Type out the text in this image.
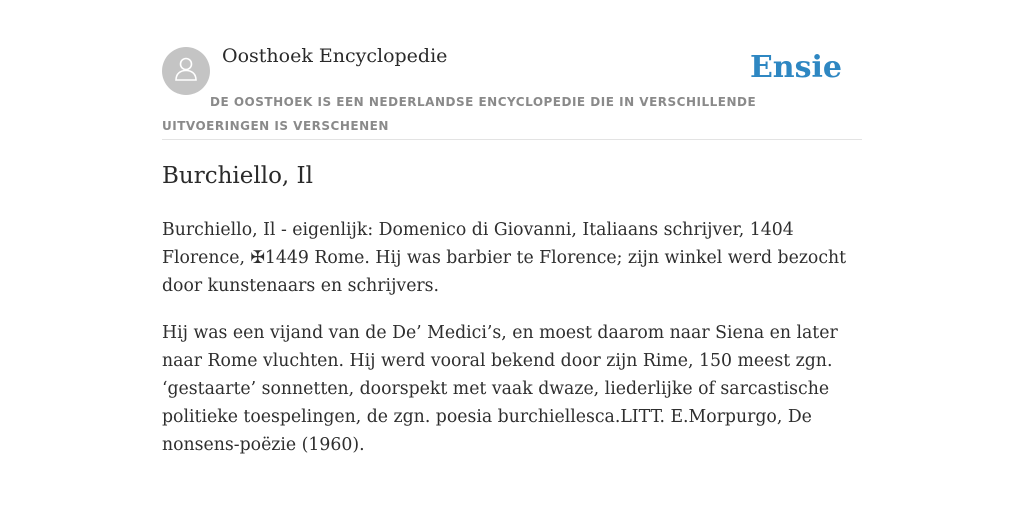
Oosthoek Encyclopedie	Ensie
DE OOSTHOEK IS EEN NEDERLANDSE ENCYCLOPEDIE DIE IN VERSCHILLENDE UITVOERINGEN IS VERSCHENEN
Burchiello, Il

Burchiello, Il - eigenlijk: Domenico di Giovanni, Italiaans schrijver, 1404 Florence, ✠1449 Rome. Hij was barbier te Florence; zijn winkel werd bezocht door kunstenaars en schrijvers.

Hij was een vijand van de De’ Medici’s, en moest daarom naar Siena en later naar Rome vluchten. Hij werd vooral bekend door zijn Rime, 150 meest zgn. ‘gestaarte’ sonnetten, doorspekt met vaak dwaze, liederlijke of sarcastische politieke toespelingen, de zgn. poesia burchiellesca.LITT. E.Morpurgo, De nonsens-poëzie (1960).
